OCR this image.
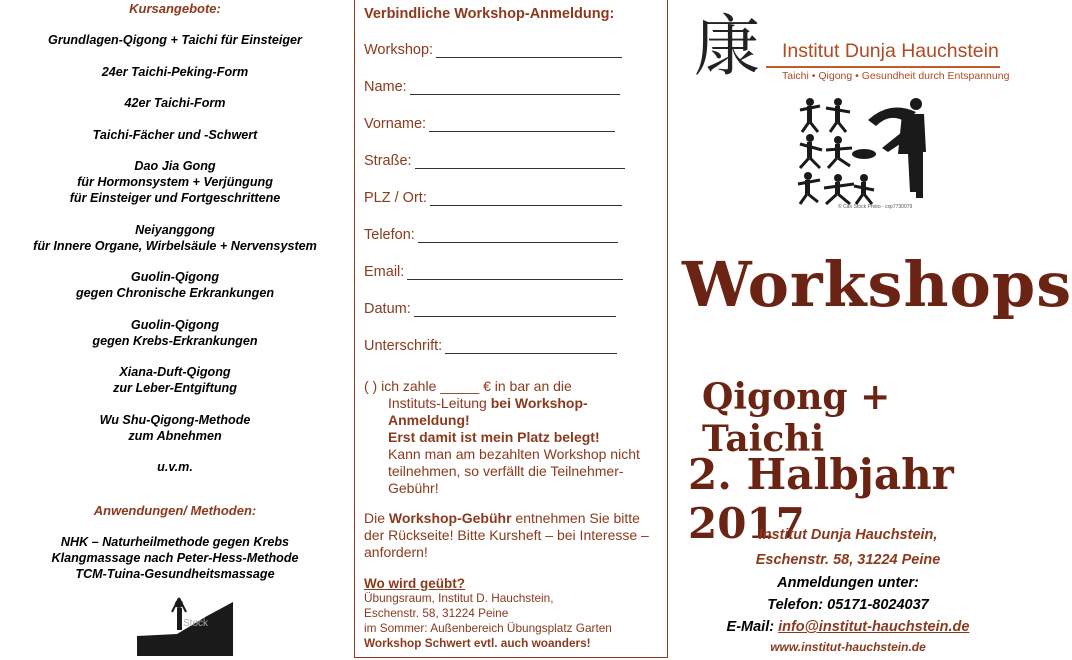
Kursangebote:
Grundlagen-Qigong + Taichi für Einsteiger
24er Taichi-Peking-Form
42er Taichi-Form
Taichi-Fächer und -Schwert
Dao Jia Gong
für Hormonsystem + Verjüngung
für Einsteiger und Fortgeschrittene
Neiyanggong
für Innere Organe, Wirbelsäule + Nervensystem
Guolin-Qigong
gegen Chronische Erkrankungen
Guolin-Qigong
gegen Krebs-Erkrankungen
Xiana-Duft-Qigong
zur Leber-Entgiftung
Wu Shu-Qigong-Methode
zum Abnehmen
u.v.m.
Anwendungen/ Methoden:
NHK – Naturheilmethode gegen Krebs
Klangmassage nach Peter-Hess-Methode
TCM-Tuina-Gesundheitsmassage
Stock
Verbindliche Workshop-Anmeldung:
Workshop:
Name:
Vorname:
Straße:
PLZ / Ort:
Telefon:
Email:
Datum:
Unterschrift:
( ) ich zahle _____ € in bar an die
Instituts-Leitung bei Workshop-Anmeldung!
Erst damit ist mein Platz belegt!
Kann man am bezahlten Workshop nicht teilnehmen, so verfällt die Teilnehmer-Gebühr!
Die Workshop-Gebühr entnehmen Sie bitte der Rückseite! Bitte Kursheft – bei Interesse – anfordern!
Wo wird geübt?
Übungsraum, Institut D. Hauchstein,
Eschenstr. 58, 31224 Peine
im Sommer: Außenbereich Übungsplatz Garten
Workshop Schwert evtl. auch woanders!
康 Institut Dunja Hauchstein
Taichi • Qigong • Gesundheit durch Entspannung
© Can Stock Photo - csp7730079
Workshops
Qigong + Taichi
2. Halbjahr 2017
Institut Dunja Hauchstein,
Eschenstr. 58, 31224 Peine
Anmeldungen unter:
Telefon: 05171-8024037
E-Mail: info@institut-hauchstein.de
www.institut-hauchstein.de
